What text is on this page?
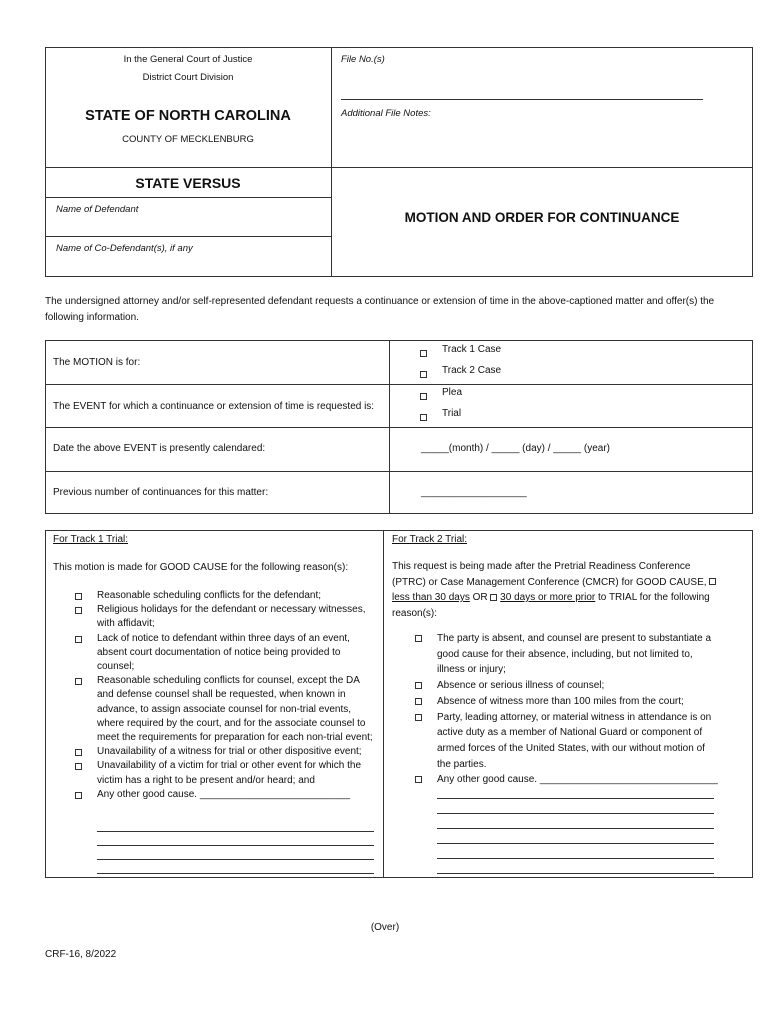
In the General Court of Justice
District Court Division
STATE OF NORTH CAROLINA
COUNTY OF MECKLENBURG
File No.(s)
Additional File Notes:
STATE VERSUS
Name of Defendant
Name of Co-Defendant(s), if any
MOTION AND ORDER FOR CONTINUANCE
The undersigned attorney and/or self-represented defendant requests a continuance or extension of time in the above-captioned matter and offer(s) the following information.
The MOTION is for:
Track 1 Case
Track 2 Case
The EVENT for which a continuance or extension of time is requested is:
Plea
Trial
Date the above EVENT is presently calendared:	_____(month) / _____ (day) / _____ (year)
Previous number of continuances for this matter:	___________________
For Track 1 Trial:
This motion is made for GOOD CAUSE for the following reason(s):
Reasonable scheduling conflicts for the defendant;
Religious holidays for the defendant or necessary witnesses, with affidavit;
Lack of notice to defendant within three days of an event, absent court documentation of notice being provided to counsel;
Reasonable scheduling conflicts for counsel, except the DA and defense counsel shall be requested, when known in advance, to assign associate counsel for non-trial events, where required by the court, and for the associate counsel to meet the requirements for preparation for each non-trial event;
Unavailability of a witness for trial or other dispositive event;
Unavailability of a victim for trial or other event for which the victim has a right to be present and/or heard; and
Any other good cause. ___________________________
For Track 2 Trial:
This request is being made after the Pretrial Readiness Conference (PTRC) or Case Management Conference (CMCR) for GOOD CAUSE,  less than 30 days OR 30 days or more prior to TRIAL for the following reason(s):
The party is absent, and counsel are present to substantiate a good cause for their absence, including, but not limited to, illness or injury;
Absence or serious illness of counsel;
Absence of witness more than 100 miles from the court;
Party, leading attorney, or material witness in attendance is on active duty as a member of National Guard or component of armed forces of the United States, with our without motion of the parties.
Any other good cause. ________________________________
(Over)
CRF-16, 8/2022
